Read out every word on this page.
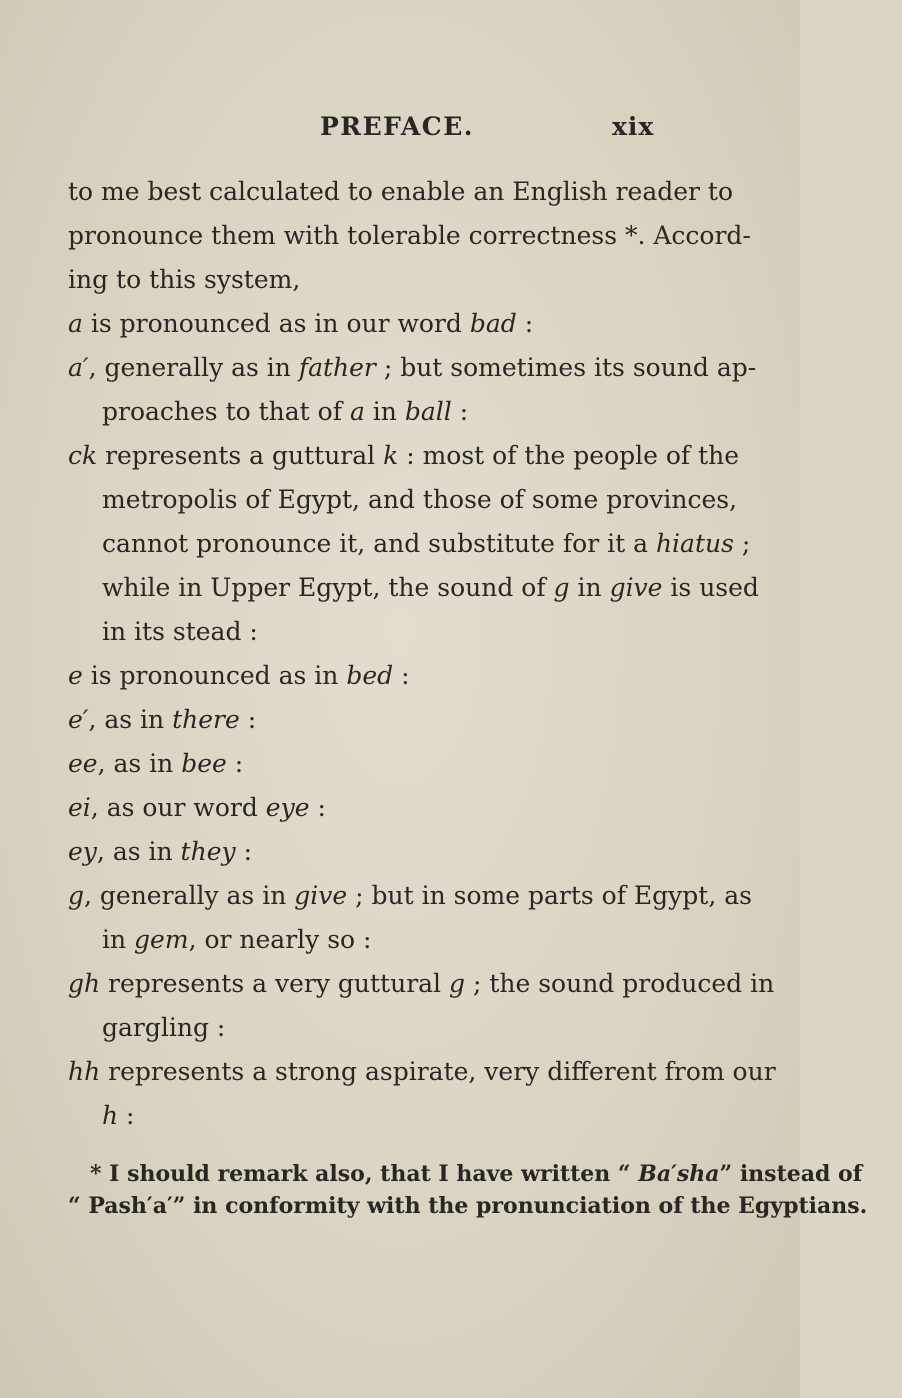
PREFACE.	xix
to me best calculated to enable an English reader to
pronounce them with tolerable correctness *. Accord-
ing to this system,
a is pronounced as in our word bad :
a′, generally as in father ; but sometimes its sound ap-
proaches to that of a in ball :
ck represents a guttural k : most of the people of the
metropolis of Egypt, and those of some provinces,
cannot pronounce it, and substitute for it a hiatus ;
while in Upper Egypt, the sound of g in give is used
in its stead :
e is pronounced as in bed :
e′, as in there :
ee, as in bee :
ei, as our word eye :
ey, as in they :
g, generally as in give ; but in some parts of Egypt, as
in gem, or nearly so :
gh represents a very guttural g ; the sound produced in
gargling :
hh represents a strong aspirate, very different from our
h :
* I should remark also, that I have written “ Ba′sha” instead of
“ Pash′a′” in conformity with the pronunciation of the Egyptians.
